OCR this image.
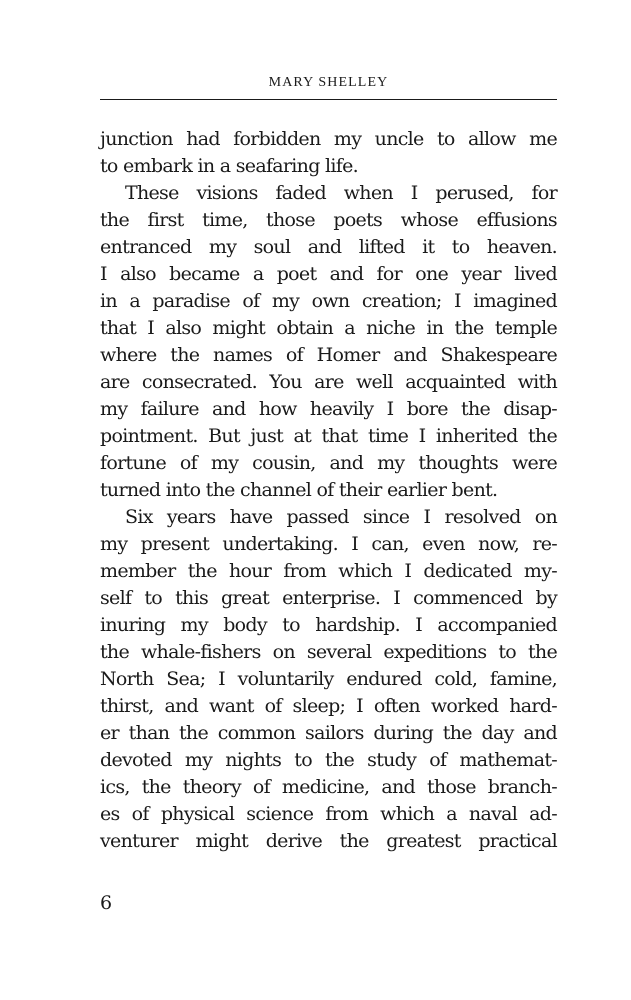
MARY SHELLEY
junction had forbidden my uncle to allow me
to embark in a seafaring life.
These visions faded when I perused, for
the first time, those poets whose effusions
entranced my soul and lifted it to heaven.
I also became a poet and for one year lived
in a paradise of my own creation; I imagined
that I also might obtain a niche in the temple
where the names of Homer and Shakespeare
are consecrated. You are well acquainted with
my failure and how heavily I bore the disap-
pointment. But just at that time I inherited the
fortune of my cousin, and my thoughts were
turned into the channel of their earlier bent.
Six years have passed since I resolved on
my present undertaking. I can, even now, re-
member the hour from which I dedicated my-
self to this great enterprise. I commenced by
inuring my body to hardship. I accompanied
the whale-fishers on several expeditions to the
North Sea; I voluntarily endured cold, famine,
thirst, and want of sleep; I often worked hard-
er than the common sailors during the day and
devoted my nights to the study of mathemat-
ics, the theory of medicine, and those branch-
es of physical science from which a naval ad-
venturer might derive the greatest practical
6
